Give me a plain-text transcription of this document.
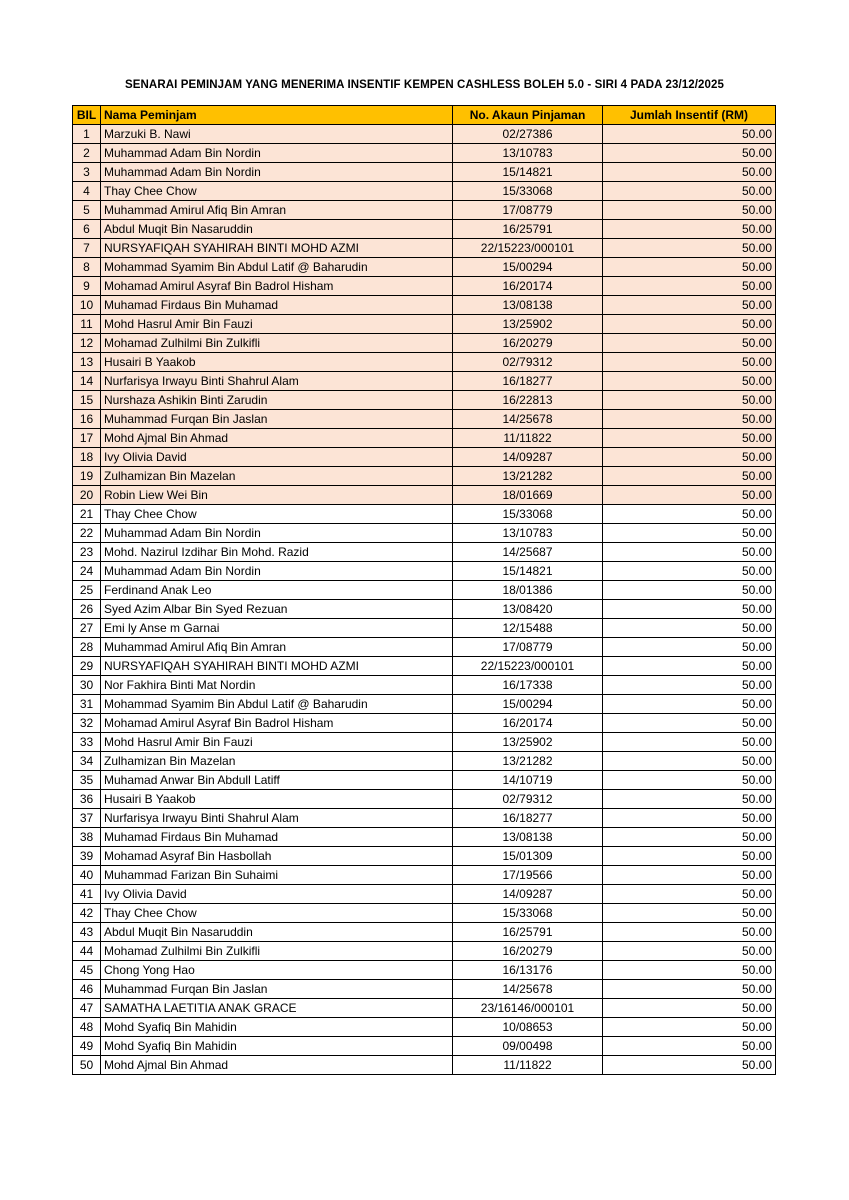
SENARAI PEMINJAM YANG MENERIMA INSENTIF KEMPEN CASHLESS BOLEH 5.0 - SIRI 4 PADA 23/12/2025
BIL	Nama Peminjam	No. Akaun Pinjaman	Jumlah Insentif (RM)
1	Marzuki B. Nawi	02/27386	50.00
2	Muhammad Adam Bin Nordin	13/10783	50.00
3	Muhammad Adam Bin Nordin	15/14821	50.00
4	Thay Chee Chow	15/33068	50.00
5	Muhammad Amirul Afiq Bin Amran	17/08779	50.00
6	Abdul Muqit Bin Nasaruddin	16/25791	50.00
7	NURSYAFIQAH SYAHIRAH BINTI MOHD AZMI	22/15223/000101	50.00
8	Mohammad Syamim Bin Abdul Latif @ Baharudin	15/00294	50.00
9	Mohamad Amirul Asyraf Bin Badrol Hisham	16/20174	50.00
10	Muhamad Firdaus Bin Muhamad	13/08138	50.00
11	Mohd Hasrul Amir Bin Fauzi	13/25902	50.00
12	Mohamad Zulhilmi Bin Zulkifli	16/20279	50.00
13	Husairi B Yaakob	02/79312	50.00
14	Nurfarisya Irwayu Binti Shahrul Alam	16/18277	50.00
15	Nurshaza Ashikin Binti Zarudin	16/22813	50.00
16	Muhammad Furqan Bin Jaslan	14/25678	50.00
17	Mohd Ajmal Bin Ahmad	11/11822	50.00
18	Ivy Olivia David	14/09287	50.00
19	Zulhamizan Bin Mazelan	13/21282	50.00
20	Robin Liew Wei Bin	18/01669	50.00
21	Thay Chee Chow	15/33068	50.00
22	Muhammad Adam Bin Nordin	13/10783	50.00
23	Mohd. Nazirul Izdihar Bin Mohd. Razid	14/25687	50.00
24	Muhammad Adam Bin Nordin	15/14821	50.00
25	Ferdinand Anak Leo	18/01386	50.00
26	Syed Azim Albar Bin Syed Rezuan	13/08420	50.00
27	Emi ly Anse m Garnai	12/15488	50.00
28	Muhammad Amirul Afiq Bin Amran	17/08779	50.00
29	NURSYAFIQAH SYAHIRAH BINTI MOHD AZMI	22/15223/000101	50.00
30	Nor Fakhira Binti Mat Nordin	16/17338	50.00
31	Mohammad Syamim Bin Abdul Latif @ Baharudin	15/00294	50.00
32	Mohamad Amirul Asyraf Bin Badrol Hisham	16/20174	50.00
33	Mohd Hasrul Amir Bin Fauzi	13/25902	50.00
34	Zulhamizan Bin Mazelan	13/21282	50.00
35	Muhamad Anwar Bin Abdull Latiff	14/10719	50.00
36	Husairi B Yaakob	02/79312	50.00
37	Nurfarisya Irwayu Binti Shahrul Alam	16/18277	50.00
38	Muhamad Firdaus Bin Muhamad	13/08138	50.00
39	Mohamad Asyraf Bin Hasbollah	15/01309	50.00
40	Muhammad Farizan Bin Suhaimi	17/19566	50.00
41	Ivy Olivia David	14/09287	50.00
42	Thay Chee Chow	15/33068	50.00
43	Abdul Muqit Bin Nasaruddin	16/25791	50.00
44	Mohamad Zulhilmi Bin Zulkifli	16/20279	50.00
45	Chong Yong Hao	16/13176	50.00
46	Muhammad Furqan Bin Jaslan	14/25678	50.00
47	SAMATHA LAETITIA ANAK GRACE	23/16146/000101	50.00
48	Mohd Syafiq Bin Mahidin	10/08653	50.00
49	Mohd Syafiq Bin Mahidin	09/00498	50.00
50	Mohd Ajmal Bin Ahmad	11/11822	50.00
